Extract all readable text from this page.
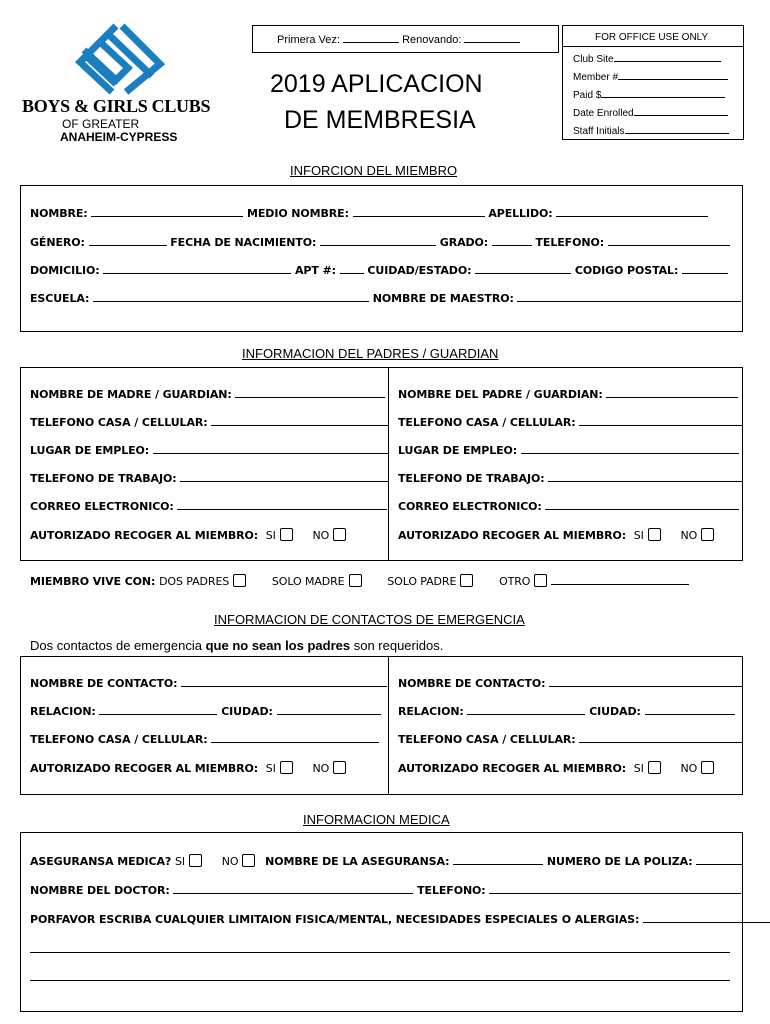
BOYS & GIRLS CLUBS
OF GREATER
ANAHEIM-CYPRESS
Primera Vez:	Renovando:
2019 APLICACION
DE MEMBRESIA
FOR OFFICE USE ONLY
Club Site
Member #
Paid $
Date Enrolled
Staff Initials
INFORCION DEL MIEMBRO
NOMBRE:	MEDIO NOMBRE:	APELLIDO:
GÉNERO:	FECHA DE NACIMIENTO:	GRADO:	TELEFONO:
DOMICILIO:	APT #:	CUIDAD/ESTADO:	CODIGO POSTAL:
ESCUELA:	NOMBRE DE MAESTRO:
INFORMACION DEL PADRES / GUARDIAN
NOMBRE DE MADRE / GUARDIAN:	NOMBRE DEL PADRE / GUARDIAN:
TELEFONO CASA / CELLULAR:	TELEFONO CASA / CELLULAR:
LUGAR DE EMPLEO:	LUGAR DE EMPLEO:
TELEFONO DE TRABAJO:	TELEFONO DE TRABAJO:
CORREO ELECTRONICO:	CORREO ELECTRONICO:
AUTORIZADO RECOGER AL MIEMBRO: SI	NO	AUTORIZADO RECOGER AL MIEMBRO: SI	NO
MIEMBRO VIVE CON: DOS PADRES	SOLO MADRE	SOLO PADRE	OTRO
INFORMACION DE CONTACTOS DE EMERGENCIA
Dos contactos de emergencia que no sean los padres son requeridos.
NOMBRE DE CONTACTO:	NOMBRE DE CONTACTO:
RELACION:	CIUDAD:	RELACION:	CIUDAD:
TELEFONO CASA / CELLULAR:	TELEFONO CASA / CELLULAR:
AUTORIZADO RECOGER AL MIEMBRO: SI	NO	AUTORIZADO RECOGER AL MIEMBRO: SI	NO
INFORMACION MEDICA
ASEGURANSA MEDICA? SI	NO NOMBRE DE LA ASEGURANSA:	NUMERO DE LA POLIZA:
NOMBRE DEL DOCTOR:	TELEFONO:
PORFAVOR ESCRIBA CUALQUIER LIMITAION FISICA/MENTAL, NECESIDADES ESPECIALES O ALERGIAS:
